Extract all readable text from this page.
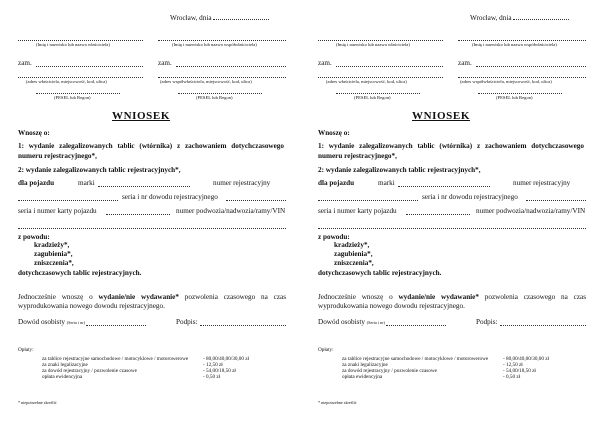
Wrocław, dnia
(Imię i nazwisko lub nazwa właściciela)	(Imię i nazwisko lub nazwa współwłaściciela)
zam.	zam.
(adres właściciela, miejscowość, kod, ulica)	(adres współwłaściciela, miejscowość, kod, ulica)
(PESEL lub Regon)	(PESEL lub Regon)
WNIOSEK
Wnoszę o:
1: wydanie zalegalizowanych tablic (wtórnika) z zachowaniem dotychczasowego numeru rejestracyjnego*,
2: wydanie zalegalizowanych tablic rejestracyjnych*,
dla pojazdu	marki	numer rejestracyjny
seria i nr dowodu rejestracyjnego
seria i numer karty pojazdu	numer podwozia/nadwozia/ramy/VIN
z powodu:
kradzieży*,
zagubienia*,
zniszczenia*,
dotychczasowych tablic rejestracyjnych.
Jednocześnie wnoszę o wydanie/nie wydawanie* pozwolenia czasowego na czas wyprodukowania nowego dowodu rejestracyjnego.
Dowód osobisty (Seria i nr)	Podpis:
Opłaty:
za tablice rejestracyjne samochodowe / motocyklowe / motorowerowe	- 80,00/40,00/30,00 zł
za znaki legalizacyjne	- 12,50 zł
za dowód rejestracyjny / pozwolenie czasowe	- 54,00/18,50 zł
opłata ewidencyjna	- 0,50 zł
* niepotrzebne skreślić
Wrocław, dnia
(Imię i nazwisko lub nazwa właściciela)	(Imię i nazwisko lub nazwa współwłaściciela)
zam.	zam.
(adres właściciela, miejscowość, kod, ulica)	(adres współwłaściciela, miejscowość, kod, ulica)
(PESEL lub Regon)	(PESEL lub Regon)
WNIOSEK
Wnoszę o:
1: wydanie zalegalizowanych tablic (wtórnika) z zachowaniem dotychczasowego numeru rejestracyjnego*,
2: wydanie zalegalizowanych tablic rejestracyjnych*,
dla pojazdu	marki	numer rejestracyjny
seria i nr dowodu rejestracyjnego
seria i numer karty pojazdu	numer podwozia/nadwozia/ramy/VIN
z powodu:
kradzieży*,
zagubienia*,
zniszczenia*,
dotychczasowych tablic rejestracyjnych.
Jednocześnie wnoszę o wydanie/nie wydawanie* pozwolenia czasowego na czas wyprodukowania nowego dowodu rejestracyjnego.
Dowód osobisty (Seria i nr)	Podpis:
Opłaty:
za tablice rejestracyjne samochodowe / motocyklowe / motorowerowe	- 80,00/40,00/30,00 zł
za znaki legalizacyjne	- 12,50 zł
za dowód rejestracyjny / pozwolenie czasowe	- 54,00/18,50 zł
opłata ewidencyjna	- 0,50 zł
* niepotrzebne skreślić
